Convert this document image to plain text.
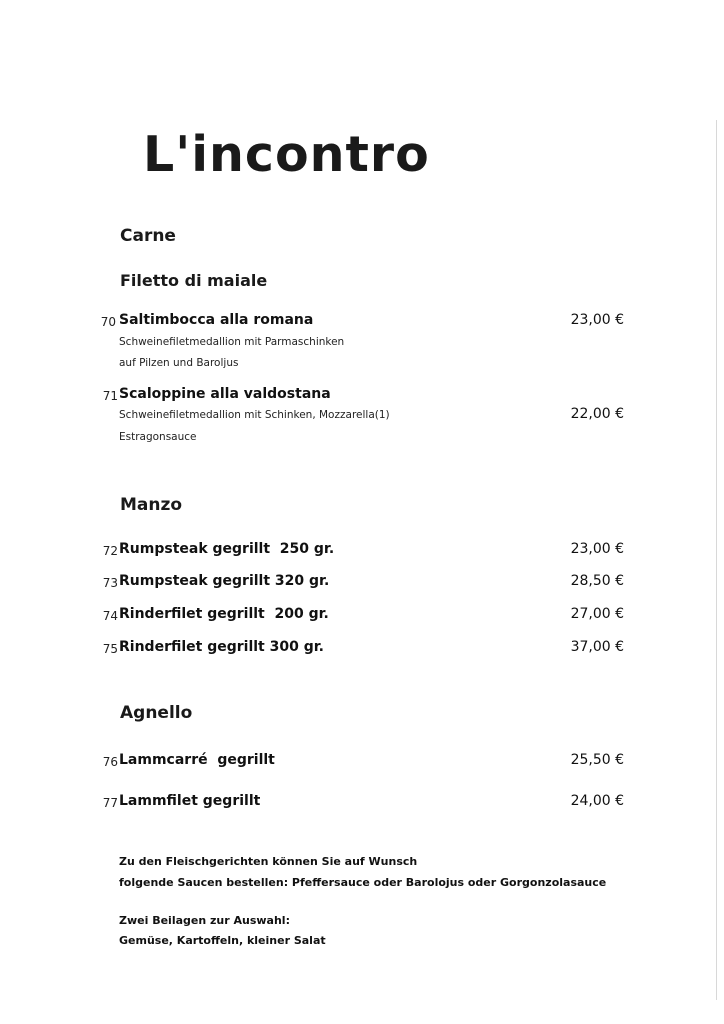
L'incontro
Carne
Filetto di maiale
70 Saltimbocca alla romana	23,00 €
Schweinefiletmedallion mit Parmaschinken
auf Pilzen und Baroljus
71 Scaloppine alla valdostana
Schweinefiletmedallion mit Schinken, Mozzarella(1)	22,00 €
Estragonsauce
Manzo
72 Rumpsteak gegrillt  250 gr.	23,00 €
73 Rumpsteak gegrillt 320 gr.	28,50 €
74 Rinderfilet gegrillt  200 gr.	27,00 €
75 Rinderfilet gegrillt 300 gr.	37,00 €
Agnello
76 Lammcarré  gegrillt	25,50 €
77 Lammfilet gegrillt	24,00 €
Zu den Fleischgerichten können Sie auf Wunsch
folgende Saucen bestellen: Pfeffersauce oder Barolojus oder Gorgonzolasauce
Zwei Beilagen zur Auswahl:
Gemüse, Kartoffeln, kleiner Salat
